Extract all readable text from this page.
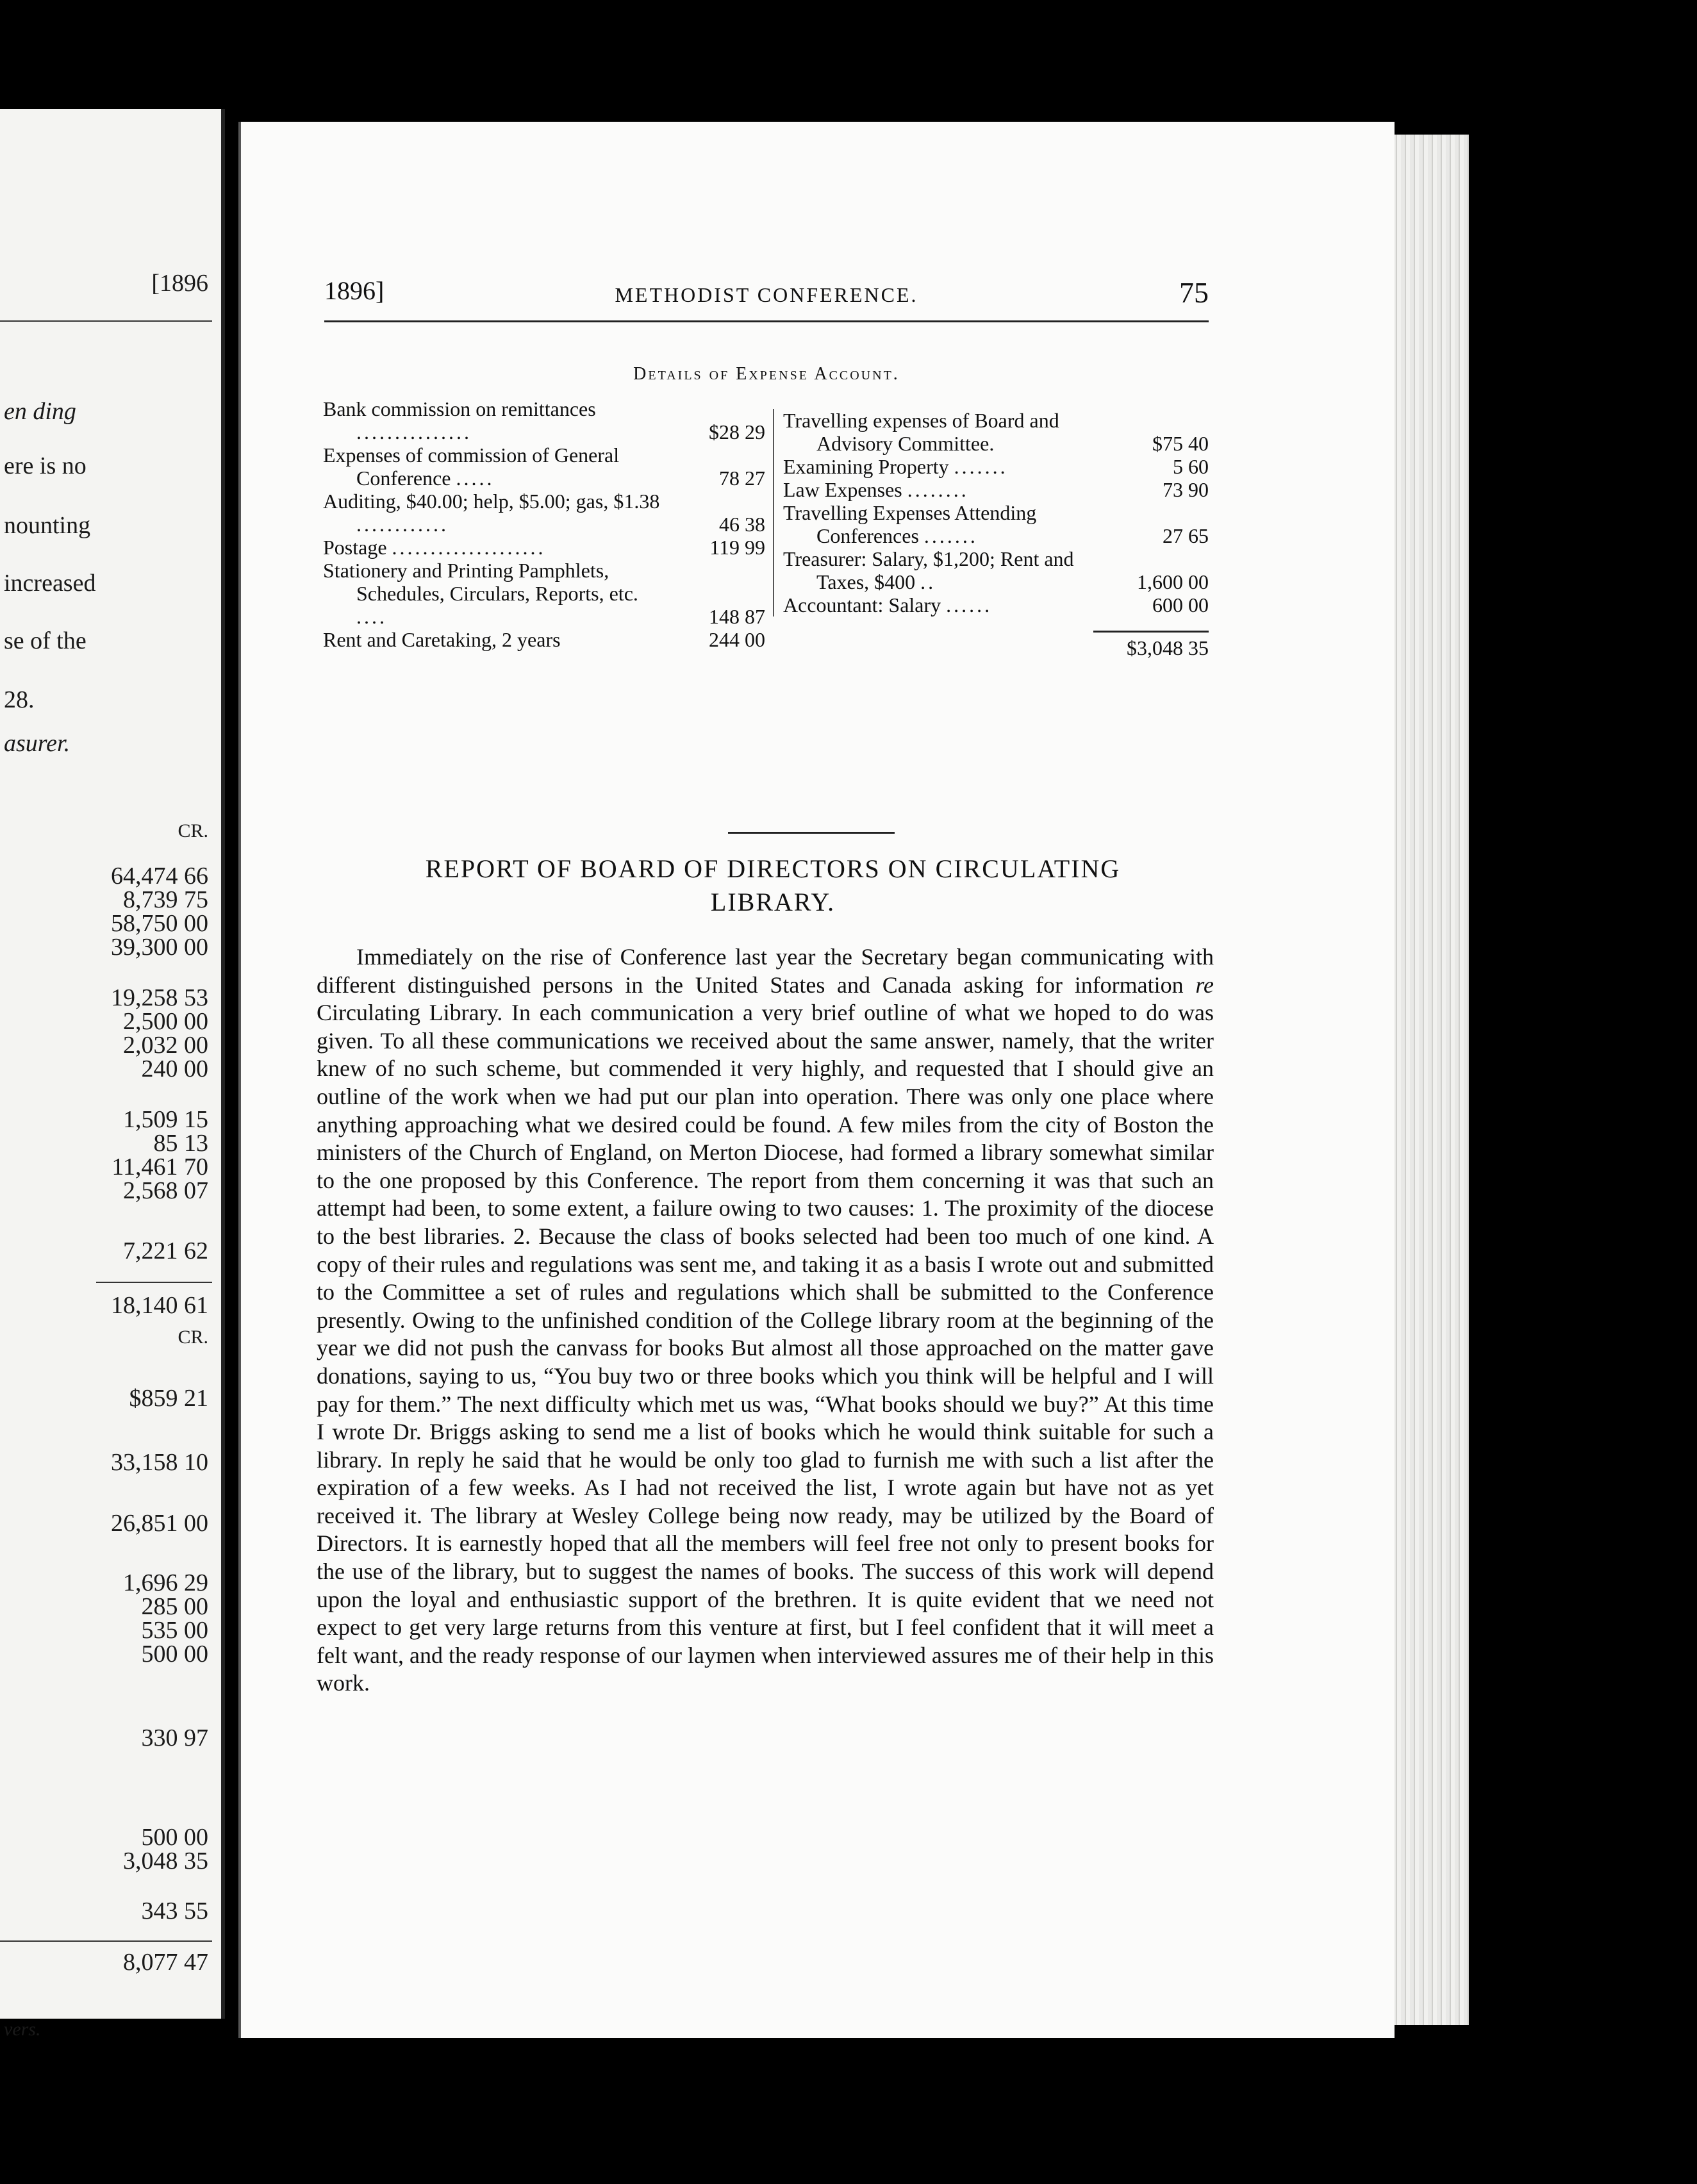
[1896
en ding
ere is no
nounting
increased
se of the
28.
asurer.
CR.
64,474 66
8,739 75
58,750 00
39,300 00
19,258 53
2,500 00
2,032 00
240 00
1,509 15
85 13
11,461 70
2,568 07
7,221 62
18,140 61
CR.
$859 21
33,158 10
26,851 00
1,696 29
285 00
535 00
500 00
330 97
500 00
3,048 35
343 55
8,077 47
vers.
1896]	METHODIST CONFERENCE.	75
Details of Expense Account.
Bank commission on remittances ...............	$28 29
Expenses of commission of General Conference .....	78 27
Auditing, $40.00; help, $5.00; gas, $1.38 ............	46 38
Postage ....................	119 99
Stationery and Printing Pamphlets, Schedules, Circulars, Reports, etc. ....	148 87
Rent and Caretaking, 2 years	244 00
Travelling expenses of Board and Advisory Committee.	$75 40
Examining Property .......	5 60
Law Expenses ........	73 90
Travelling Expenses Attending Conferences .......	27 65
Treasurer: Salary, $1,200; Rent and Taxes, $400 ..	1,600 00
Accountant: Salary ......	600 00
$3,048 35
REPORT OF BOARD OF DIRECTORS ON CIRCULATING
LIBRARY.

Immediately on the rise of Conference last year the Secretary began communicating with different distinguished persons in the United States and Canada asking for information re Circulating Library. In each communication a very brief outline of what we hoped to do was given. To all these communications we received about the same answer, namely, that the writer knew of no such scheme, but commended it very highly, and requested that I should give an outline of the work when we had put our plan into operation. There was only one place where anything approaching what we desired could be found. A few miles from the city of Boston the ministers of the Church of England, on Merton Diocese, had formed a library somewhat similar to the one proposed by this Conference. The report from them concerning it was that such an attempt had been, to some extent, a failure owing to two causes: 1. The proximity of the diocese to the best libraries. 2. Because the class of books selected had been too much of one kind. A copy of their rules and regulations was sent me, and taking it as a basis I wrote out and submitted to the Committee a set of rules and regulations which shall be submitted to the Conference presently. Owing to the unfinished condition of the College library room at the beginning of the year we did not push the canvass for books But almost all those approached on the matter gave donations, saying to us, “You buy two or three books which you think will be helpful and I will pay for them.” The next difficulty which met us was, “What books should we buy?” At this time I wrote Dr. Briggs asking to send me a list of books which he would think suitable for such a library. In reply he said that he would be only too glad to furnish me with such a list after the expiration of a few weeks. As I had not received the list, I wrote again but have not as yet received it. The library at Wesley College being now ready, may be utilized by the Board of Directors. It is earnestly hoped that all the members will feel free not only to present books for the use of the library, but to suggest the names of books. The success of this work will depend upon the loyal and enthusiastic support of the brethren. It is quite evident that we need not expect to get very large returns from this venture at first, but I feel confident that it will meet a felt want, and the ready response of our laymen when interviewed assures me of their help in this work.
